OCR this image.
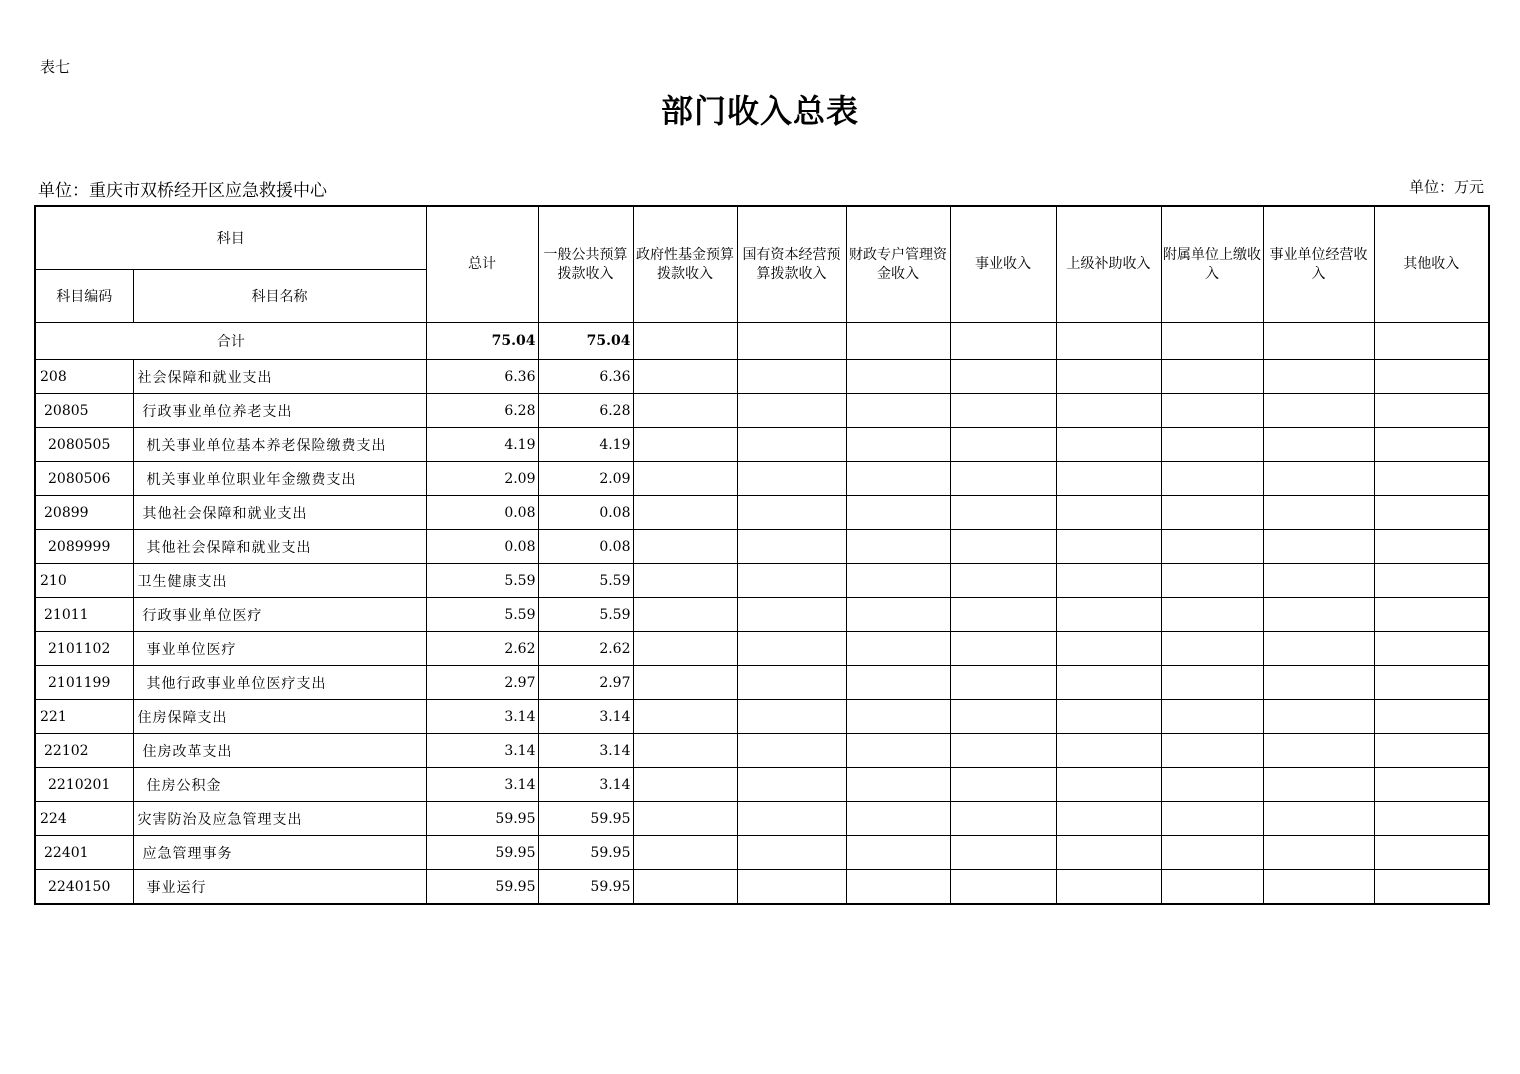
表七
部门收入总表
单位：重庆市双桥经开区应急救援中心	单位：万元
科目		总计	一般公共预算拨款收入	政府性基金预算拨款收入	国有资本经营预算拨款收入	财政专户管理资金收入	事业收入	上级补助收入	附属单位上缴收入	事业单位经营收入	其他收入
科目编码	科目名称										
合计		75.04	75.04								
208	社会保障和就业支出	6.36	6.36								
20805	行政事业单位养老支出	6.28	6.28								
2080505	机关事业单位基本养老保险缴费支出	4.19	4.19								
2080506	机关事业单位职业年金缴费支出	2.09	2.09								
20899	其他社会保障和就业支出	0.08	0.08								
2089999	其他社会保障和就业支出	0.08	0.08								
210	卫生健康支出	5.59	5.59								
21011	行政事业单位医疗	5.59	5.59								
2101102	事业单位医疗	2.62	2.62								
2101199	其他行政事业单位医疗支出	2.97	2.97								
221	住房保障支出	3.14	3.14								
22102	住房改革支出	3.14	3.14								
2210201	住房公积金	3.14	3.14								
224	灾害防治及应急管理支出	59.95	59.95								
22401	应急管理事务	59.95	59.95								
2240150	事业运行	59.95	59.95								
